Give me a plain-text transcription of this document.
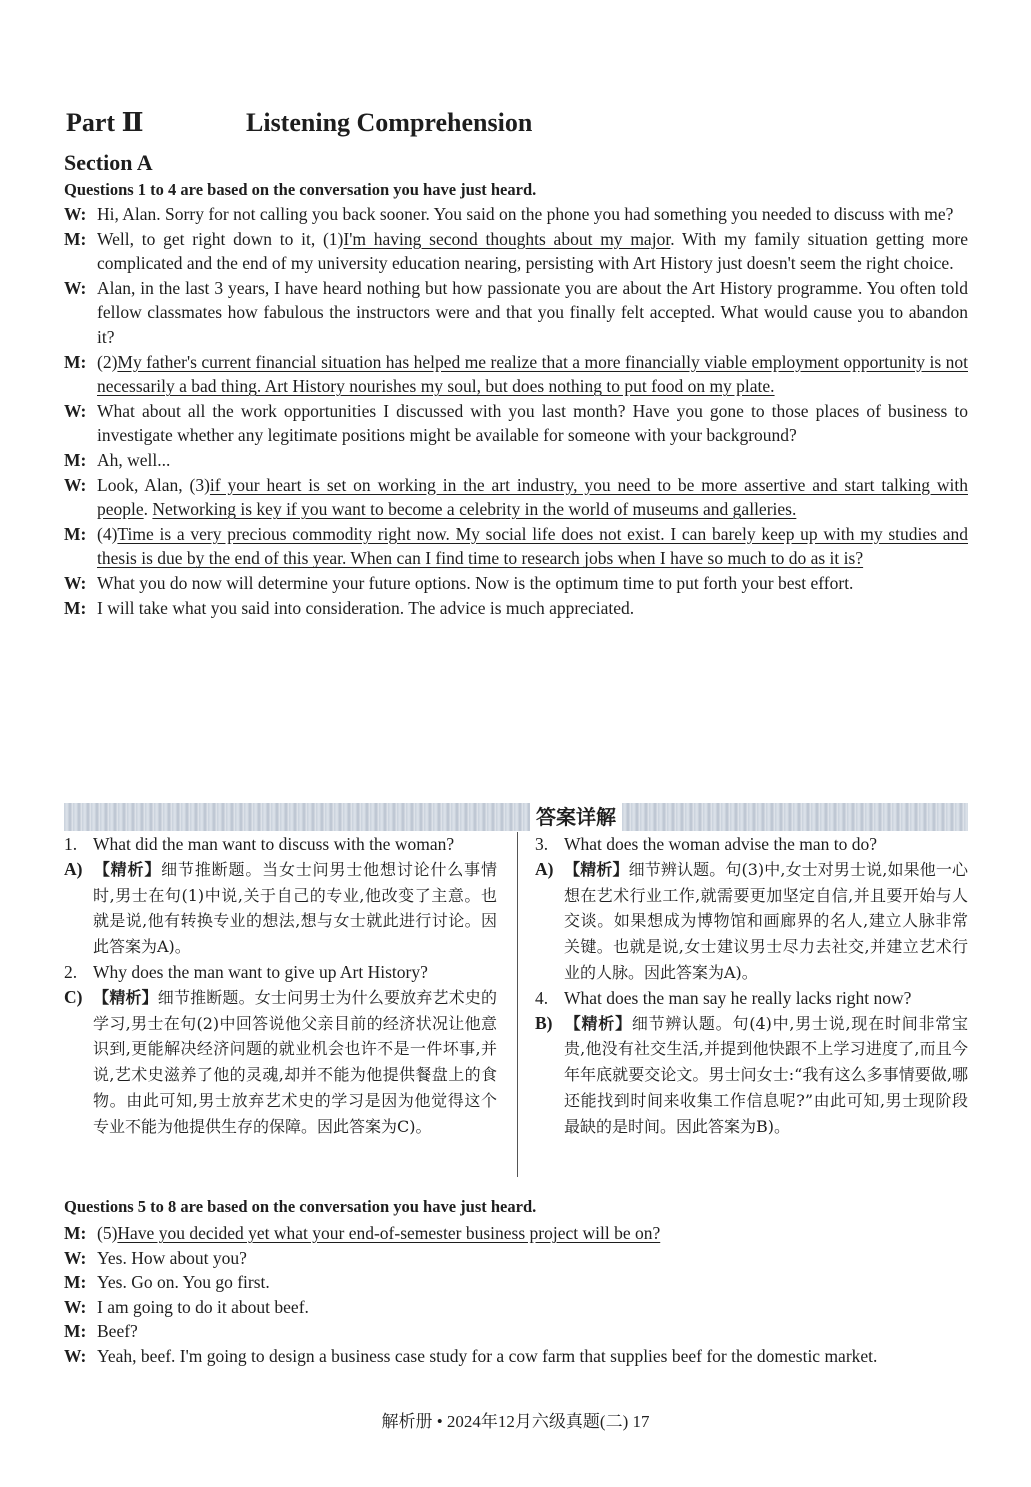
Part Ⅱ	Listening Comprehension
Section A
Questions 1 to 4 are based on the conversation you have just heard.
W: Hi, Alan. Sorry for not calling you back sooner. You said on the phone you had something you needed to discuss with me?
M: Well, to get right down to it, (1)I'm having second thoughts about my major. With my family situation getting more complicated and the end of my university education nearing, persisting with Art History just doesn't seem the right choice.
W: Alan, in the last 3 years, I have heard nothing but how passionate you are about the Art History programme. You often told fellow classmates how fabulous the instructors were and that you finally felt accepted. What would cause you to abandon it?
M: (2)My father's current financial situation has helped me realize that a more financially viable employment opportunity is not necessarily a bad thing. Art History nourishes my soul, but does nothing to put food on my plate.
W: What about all the work opportunities I discussed with you last month? Have you gone to those places of business to investigate whether any legitimate positions might be available for someone with your background?
M: Ah, well...
W: Look, Alan, (3)if your heart is set on working in the art industry, you need to be more assertive and start talking with people. Networking is key if you want to become a celebrity in the world of museums and galleries.
M: (4)Time is a very precious commodity right now. My social life does not exist. I can barely keep up with my studies and thesis is due by the end of this year. When can I find time to research jobs when I have so much to do as it is?
W: What you do now will determine your future options. Now is the optimum time to put forth your best effort.
M: I will take what you said into consideration. The advice is much appreciated.
答案详解
1. What did the man want to discuss with the woman?
A) 【精析】细节推断题。当女士问男士他想讨论什么事情时,男士在句(1)中说,关于自己的专业,他改变了主意。也就是说,他有转换专业的想法,想与女士就此进行讨论。因此答案为A)。
2. Why does the man want to give up Art History?
C) 【精析】细节推断题。女士问男士为什么要放弃艺术史的学习,男士在句(2)中回答说他父亲目前的经济状况让他意识到,更能解决经济问题的就业机会也许不是一件坏事,并说,艺术史滋养了他的灵魂,却并不能为他提供餐盘上的食物。由此可知,男士放弃艺术史的学习是因为他觉得这个专业不能为他提供生存的保障。因此答案为C)。
3. What does the woman advise the man to do?
A) 【精析】细节辨认题。句(3)中,女士对男士说,如果他一心想在艺术行业工作,就需要更加坚定自信,并且要开始与人交谈。如果想成为博物馆和画廊界的名人,建立人脉非常关键。也就是说,女士建议男士尽力去社交,并建立艺术行业的人脉。因此答案为A)。
4. What does the man say he really lacks right now?
B) 【精析】细节辨认题。句(4)中,男士说,现在时间非常宝贵,他没有社交生活,并提到他快跟不上学习进度了,而且今年年底就要交论文。男士问女士:“我有这么多事情要做,哪还能找到时间来收集工作信息呢?”由此可知,男士现阶段最缺的是时间。因此答案为B)。
Questions 5 to 8 are based on the conversation you have just heard.
M: (5)Have you decided yet what your end-of-semester business project will be on?
W: Yes. How about you?
M: Yes. Go on. You go first.
W: I am going to do it about beef.
M: Beef?
W: Yeah, beef. I'm going to design a business case study for a cow farm that supplies beef for the domestic market.
解析册 • 2024年12月六级真题(二) 17
